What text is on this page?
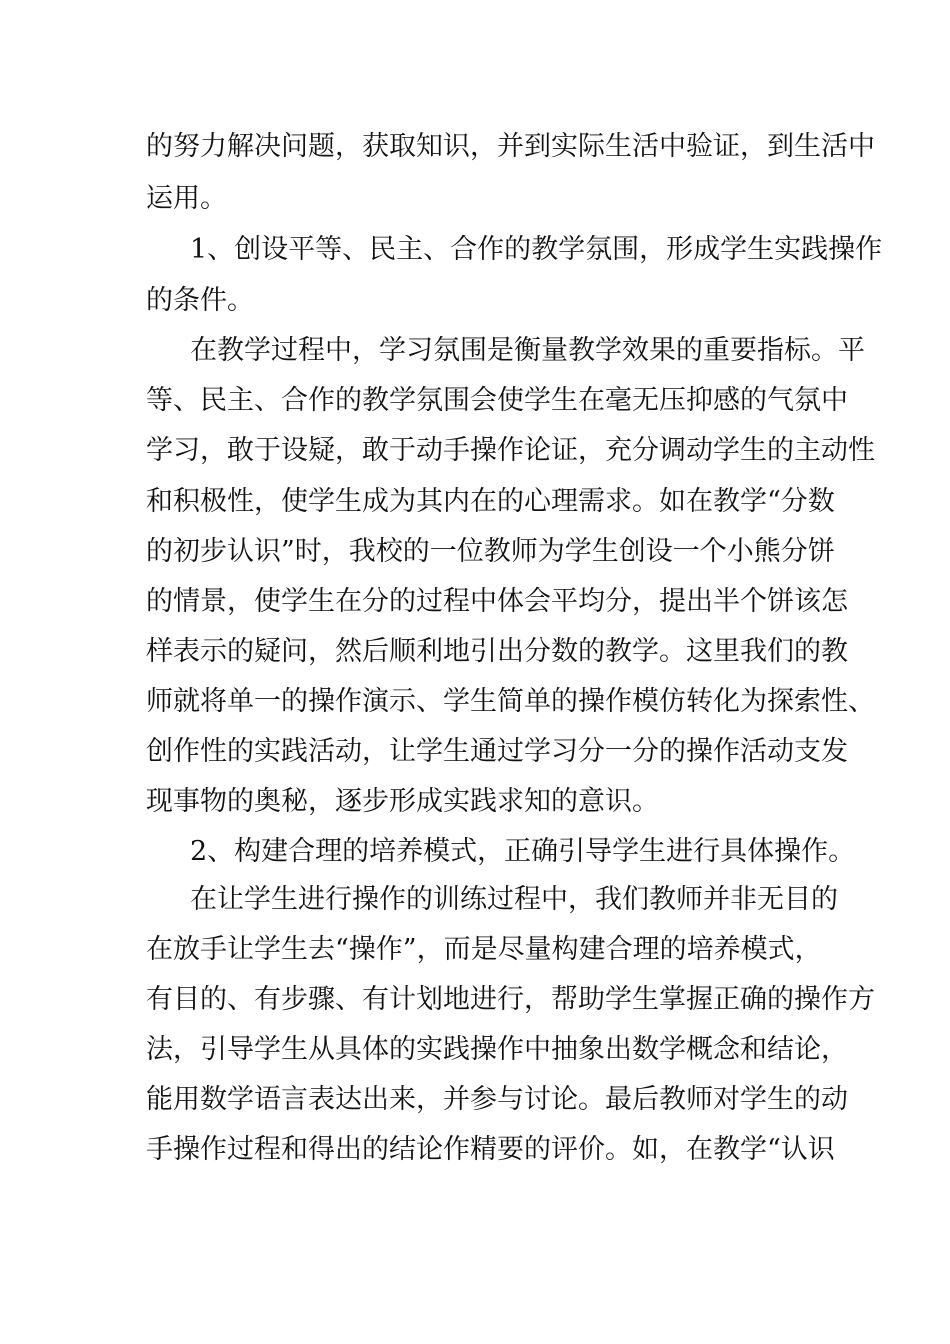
的努力解决问题，获取知识，并到实际生活中验证，到生活中
运用。
1、创设平等、民主、合作的教学氛围，形成学生实践操作
的条件。
在教学过程中，学习氛围是衡量教学效果的重要指标。平
等、民主、合作的教学氛围会使学生在毫无压抑感的气氛中
学习，敢于设疑，敢于动手操作论证，充分调动学生的主动性
和积极性，使学生成为其内在的心理需求。如在教学“分数
的初步认识”时，我校的一位教师为学生创设一个小熊分饼
的情景，使学生在分的过程中体会平均分，提出半个饼该怎
样表示的疑问，然后顺利地引出分数的教学。这里我们的教
师就将单一的操作演示、学生简单的操作模仿转化为探索性、
创作性的实践活动，让学生通过学习分一分的操作活动支发
现事物的奥秘，逐步形成实践求知的意识。
2、构建合理的培养模式，正确引导学生进行具体操作。
在让学生进行操作的训练过程中，我们教师并非无目的
在放手让学生去“操作”，而是尽量构建合理的培养模式，
有目的、有步骤、有计划地进行，帮助学生掌握正确的操作方
法，引导学生从具体的实践操作中抽象出数学概念和结论，
能用数学语言表达出来，并参与讨论。最后教师对学生的动
手操作过程和得出的结论作精要的评价。如，在教学“认识
